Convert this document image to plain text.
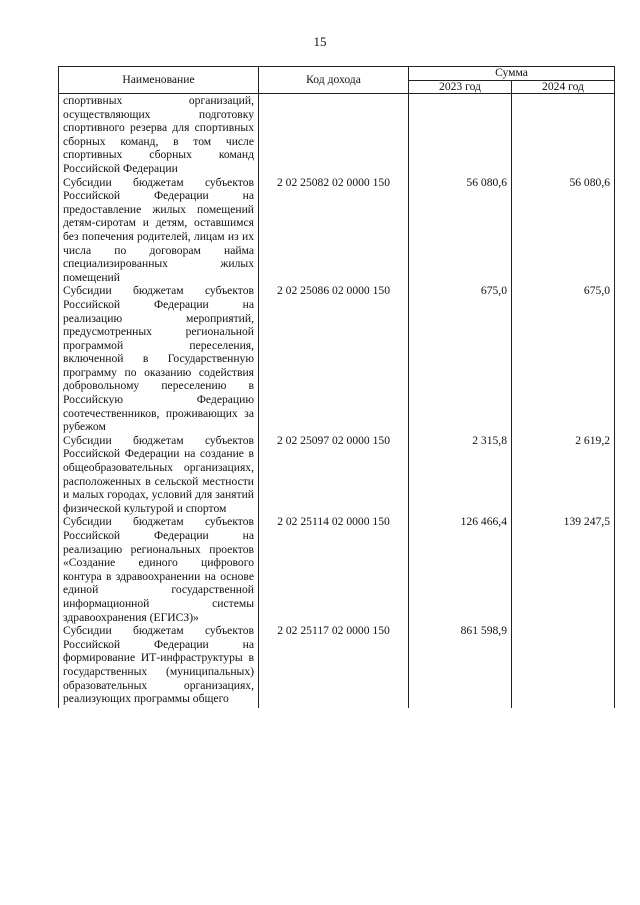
15
Наименование	Код дохода	Сумма	
		2023 год	2024 год
спортивных организаций, осуществляющих подготовку спортивного резерва для спортивных сборных команд, в том числе спортивных сборных команд Российской Федерации			
Субсидии бюджетам субъектов Российской Федерации на предоставление жилых помещений детям-сиротам и детям, оставшимся без попечения родителей, лицам из их числа по договорам найма специализированных жилых помещений	2 02 25082 02 0000 150	56 080,6	56 080,6
Субсидии бюджетам субъектов Российской Федерации на реализацию мероприятий, предусмотренных региональной программой переселения, включенной в Государственную программу по оказанию содействия добровольному переселению в Российскую Федерацию соотечественников, проживающих за рубежом	2 02 25086 02 0000 150	675,0	675,0
Субсидии бюджетам субъектов Российской Федерации на создание в общеобразовательных организациях, расположенных в сельской местности и малых городах, условий для занятий физической культурой и спортом	2 02 25097 02 0000 150	2 315,8	2 619,2
Субсидии бюджетам субъектов Российской Федерации на реализацию региональных проектов «Создание единого цифрового контура в здравоохранении на основе единой государственной информационной системы здравоохранения (ЕГИСЗ)»	2 02 25114 02 0000 150	126 466,4	139 247,5
Субсидии бюджетам субъектов Российской Федерации на формирование ИТ-инфраструктуры в государственных (муниципальных) образовательных организациях, реализующих программы общего	2 02 25117 02 0000 150	861 598,9	
